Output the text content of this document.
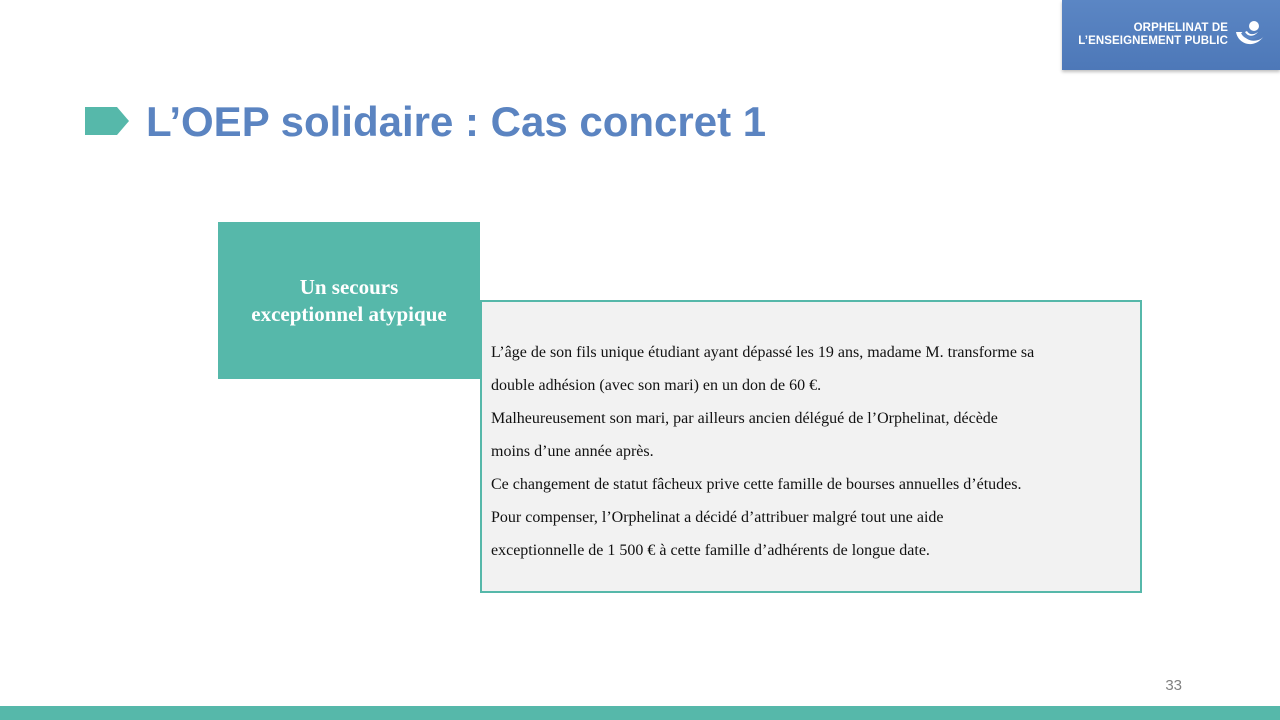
ORPHELINAT DE
L’ENSEIGNEMENT PUBLIC
L’OEP solidaire : Cas concret 1
Un secours
exceptionnel atypique

L’âge de son fils unique étudiant ayant dépassé les 19 ans, madame M. transforme sa

double adhésion (avec son mari) en un don de 60 €.

Malheureusement son mari, par ailleurs ancien délégué de l’Orphelinat, décède

moins d’une année après.

Ce changement de statut fâcheux prive cette famille de bourses annuelles d’études.

Pour compenser, l’Orphelinat a décidé d’attribuer malgré tout une aide

exceptionnelle de 1 500 € à cette famille d’adhérents de longue date.

33
